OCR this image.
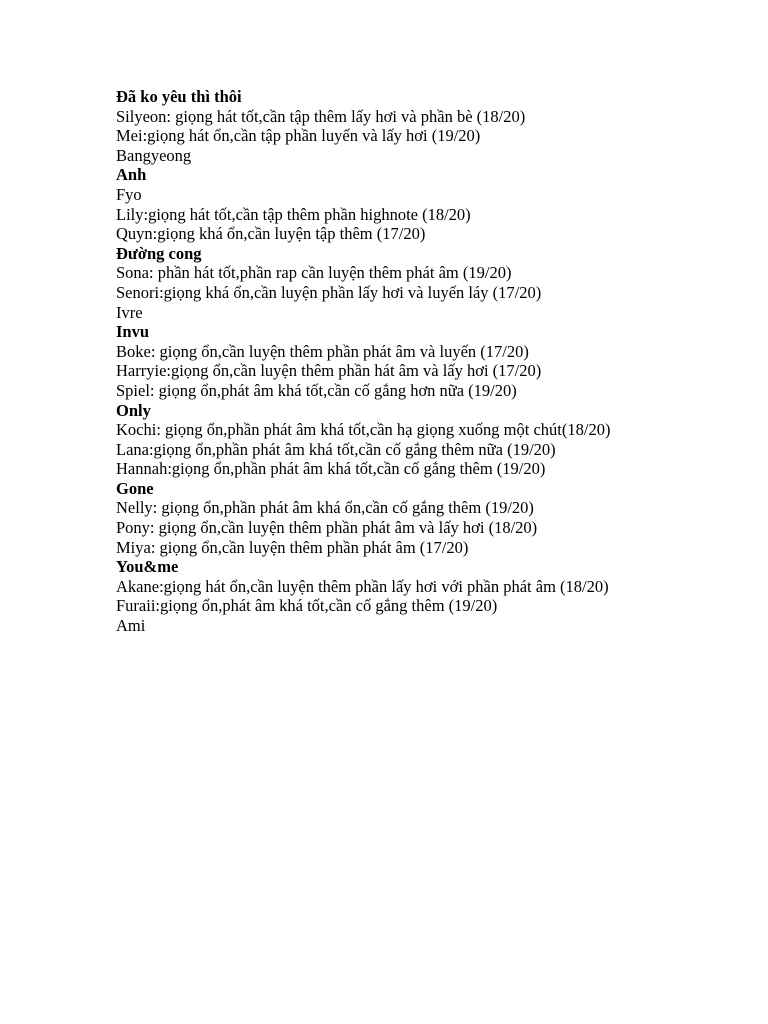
Đã ko yêu thì thôi

Silyeon: giọng hát tốt,cần tập thêm lấy hơi và phần bè (18/20)

Mei:giọng hát ổn,cần tập phần luyến và lấy hơi (19/20)

Bangyeong

Anh

Fyo

Lily:giọng hát tốt,cần tập thêm phần highnote (18/20)

Quyn:giọng khá ổn,cần luyện tập thêm (17/20)

Đường cong

Sona: phần hát tốt,phần rap cần luyện thêm phát âm (19/20)

Senori:giọng khá ổn,cần luyện phần lấy hơi và luyến láy (17/20)

Ivre

Invu

Boke: giọng ổn,cần luyện thêm phần phát âm và luyến (17/20)

Harryie:giọng ổn,cần luyện thêm phần hát âm và lấy hơi (17/20)

Spiel: giọng ổn,phát âm khá tốt,cần cố gắng hơn nữa (19/20)

Only

Kochi: giọng ổn,phần phát âm khá tốt,cần hạ giọng xuống một chút(18/20)

Lana:giọng ổn,phần phát âm khá tốt,cần cố gắng thêm nữa (19/20)

Hannah:giọng ổn,phần phát âm khá tốt,cần cố gắng thêm (19/20)

Gone

Nelly: giọng ổn,phần phát âm khá ổn,cần cố gắng thêm (19/20)

Pony: giọng ổn,cần luyện thêm phần phát âm và lấy hơi (18/20)

Miya: giọng ổn,cần luyện thêm phần phát âm (17/20)

You&me

Akane:giọng hát ổn,cần luyện thêm phần lấy hơi với phần phát âm (18/20)

Furaii:giọng ổn,phát âm khá tốt,cần cố gắng thêm (19/20)

Ami
